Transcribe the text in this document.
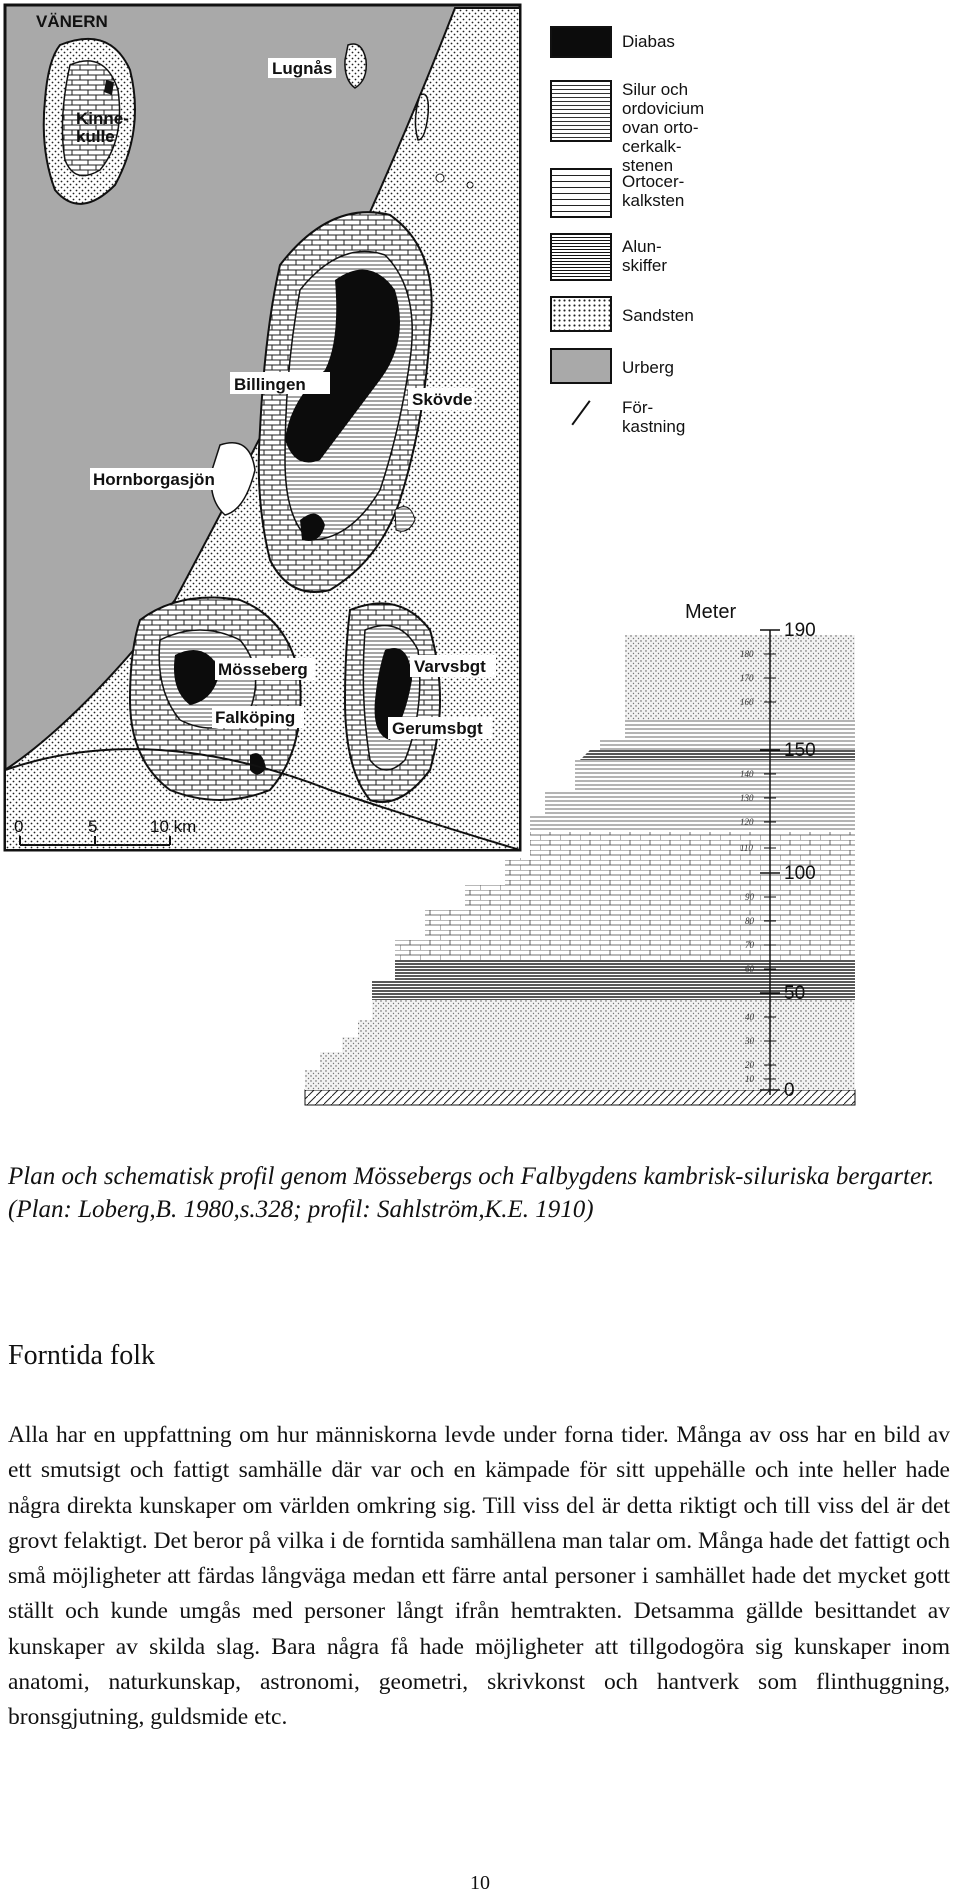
VÄNERN
Lugnås
Kinne- kulle
Billingen
Skövde
Hornborgasjön
Mösseberg
Falköping
Varvsbgt
Gerumsbgt
0	5	10 km
Diabas
Silur och
ordovicium
ovan orto-
cerkalk-
stenen
Ortocer-
kalksten
Alun-
skiffer
Sandsten
Urberg
För-
kastning
Meter
190
150
100
50
0
180
170
160
140
130
120
110
90
80
70
60
40
30
20
10

Plan och schematisk profil genom Mössebergs och Falbygdens kambrisk-siluriska bergarter. (Plan: Loberg,B. 1980,s.328; profil: Sahlström,K.E. 1910)

Forntida folk

Alla har en uppfattning om hur människorna levde under forna tider. Många av oss har en bild av ett smutsigt och fattigt samhälle där var och en kämpade för sitt uppehälle och inte heller hade några direkta kunskaper om världen omkring sig. Till viss del är detta riktigt och till viss del är det grovt felaktigt. Det beror på vilka i de forntida samhällena man talar om. Många hade det fattigt och små möjligheter att färdas långväga medan ett färre antal personer i samhället hade det mycket gott ställt och kunde umgås med personer långt ifrån hemtrakten. Detsamma gällde besittandet av kunskaper av skilda slag. Bara några få hade möjligheter att tillgodogöra sig kunskaper inom anatomi, naturkunskap, astronomi, geometri, skrivkonst och hantverk som flinthuggning, bronsgjutning, guldsmide etc.

10
